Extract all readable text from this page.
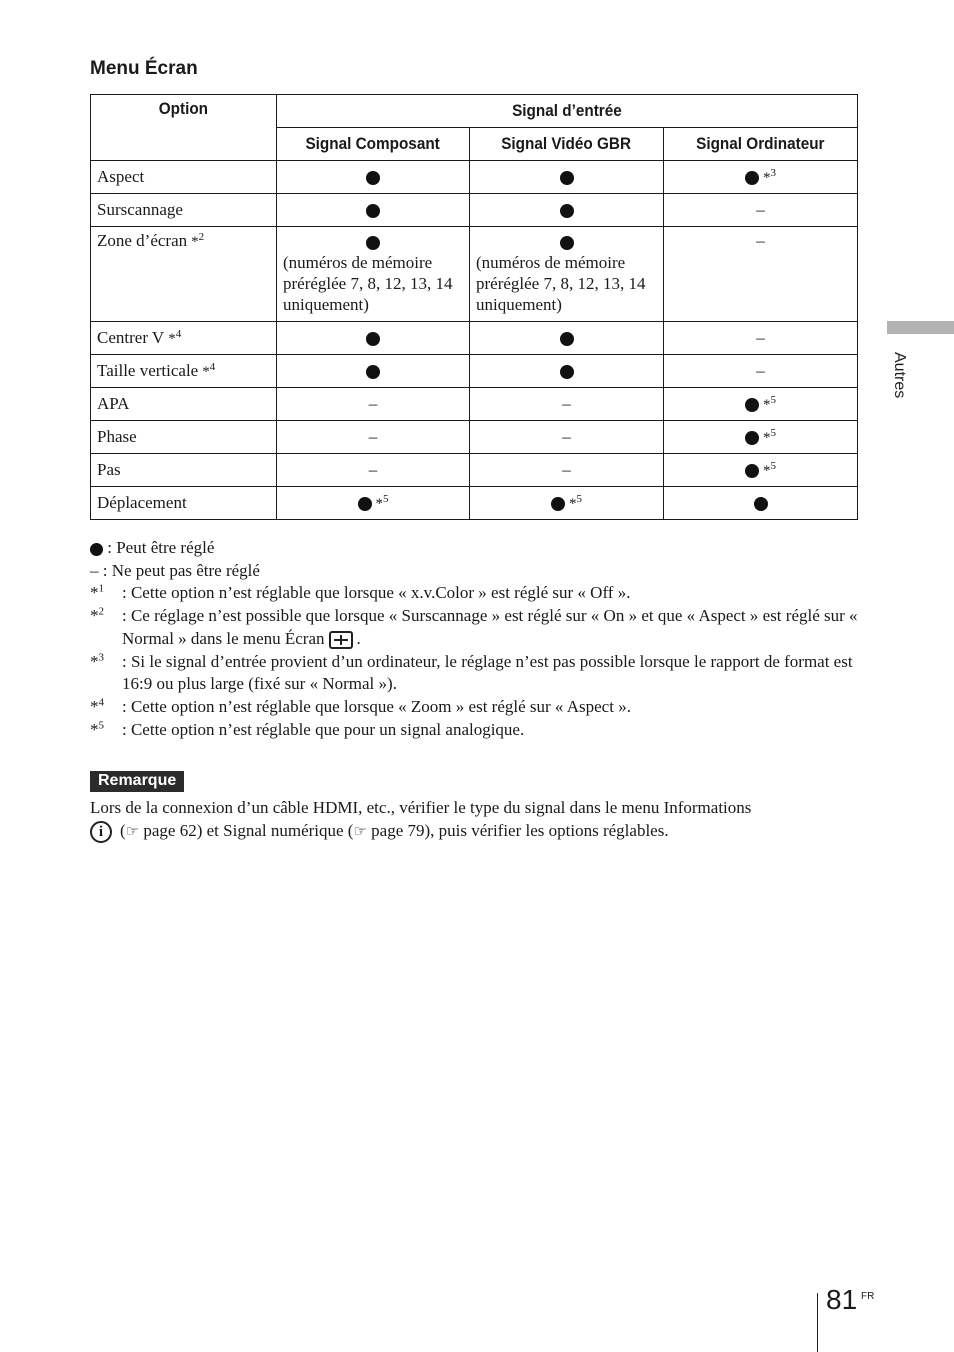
Menu Écran
Option	Signal d’entrée		
	Signal Composant	Signal Vidéo GBR	Signal Ordinateur
Aspect			*$^3$
Surscannage			–
Zone d’écran *$^2$	(numéros de mémoire préréglée 7, 8, 12, 13, 14 uniquement)	(numéros de mémoire préréglée 7, 8, 12, 13, 14 uniquement)	–
Centrer V *$^4$			–
Taille verticale *$^4$			–
APA	–	–	*$^5$
Phase	–	–	*$^5$
Pas	–	–	*$^5$
Déplacement	*$^5$	*$^5$	
: Peut être réglé
– : Ne peut pas être réglé
*$^1$	: Cette option n’est réglable que lorsque « x.v.Color » est réglé sur « Off ».
*$^2$	: Ce réglage n’est possible que lorsque « Surscannage » est réglé sur « On » et que « Aspect » est réglé sur « Normal » dans le menu Écran .
*$^3$	: Si le signal d’entrée provient d’un ordinateur, le réglage n’est pas possible lorsque le rapport de format est 16:9 ou plus large (fixé sur « Normal »).
*$^4$	: Cette option n’est réglable que lorsque « Zoom » est réglé sur « Aspect ».
*$^5$	: Cette option n’est réglable que pour un signal analogique.
Remarque
Lors de la connexion d’un câble HDMI, etc., vérifier le type du signal dans le menu Informations
i (☞ page 62) et Signal numérique (☞ page 79), puis vérifier les options réglables.
Autres
81 FR
